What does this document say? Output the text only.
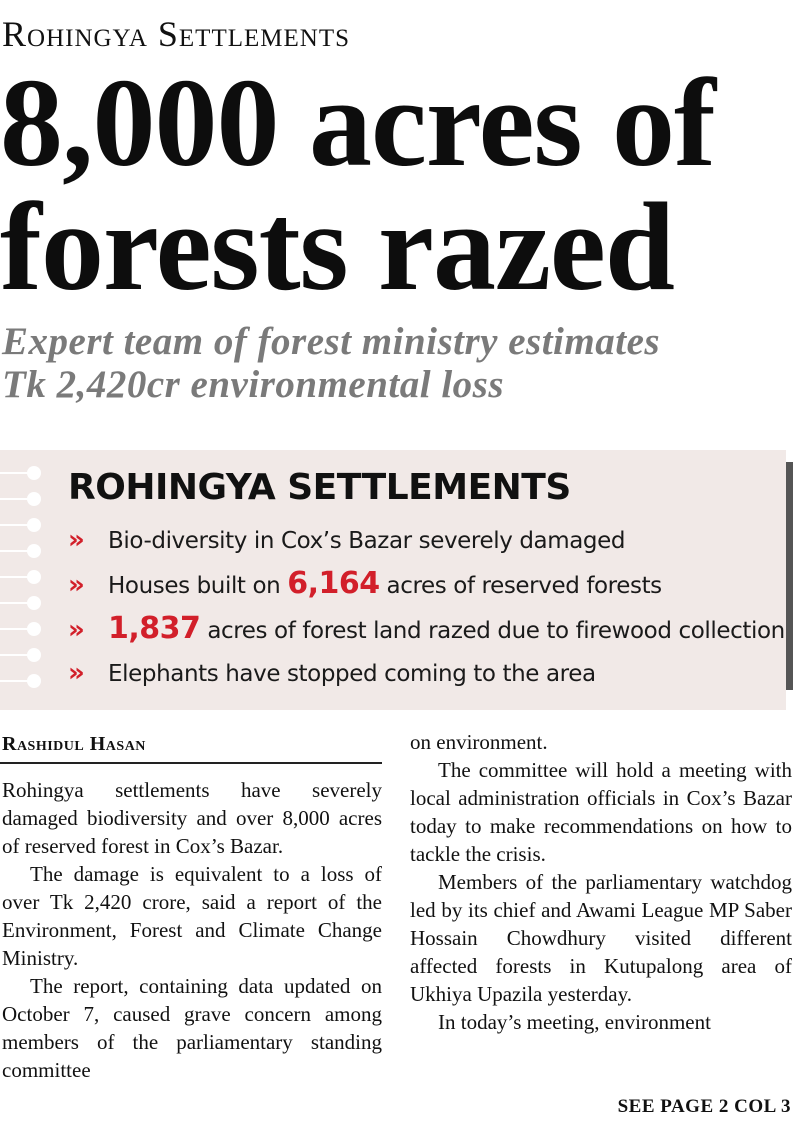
Rohingya Settlements
8,000 acres of
forests razed
Expert team of forest ministry estimates
Tk 2,420cr environmental loss
ROHINGYA SETTLEMENTS
» Bio-diversity in Cox’s Bazar severely damaged
» Houses built on 6,164 acres of reserved forests
» 1,837 acres of forest land razed due to firewood collection
» Elephants have stopped coming to the area
Rashidul Hasan

Rohingya settlements have severely damaged biodiversity and over 8,000 acres of reserved forest in Cox’s Bazar.

The damage is equivalent to a loss of over Tk 2,420 crore, said a report of the Environment, Forest and Climate Change Ministry.

The report, containing data updated on October 7, caused grave concern among members of the parliamentary standing committee

on environment.

The committee will hold a meeting with local administration officials in Cox’s Bazar today to make recommendations on how to tackle the crisis.

Members of the parliamentary watchdog led by its chief and Awami League MP Saber Hossain Chowdhury visited different affected forests in Kutupalong area of Ukhiya Upazila yesterday.

In today’s meeting, environment

SEE PAGE 2 COL 3
